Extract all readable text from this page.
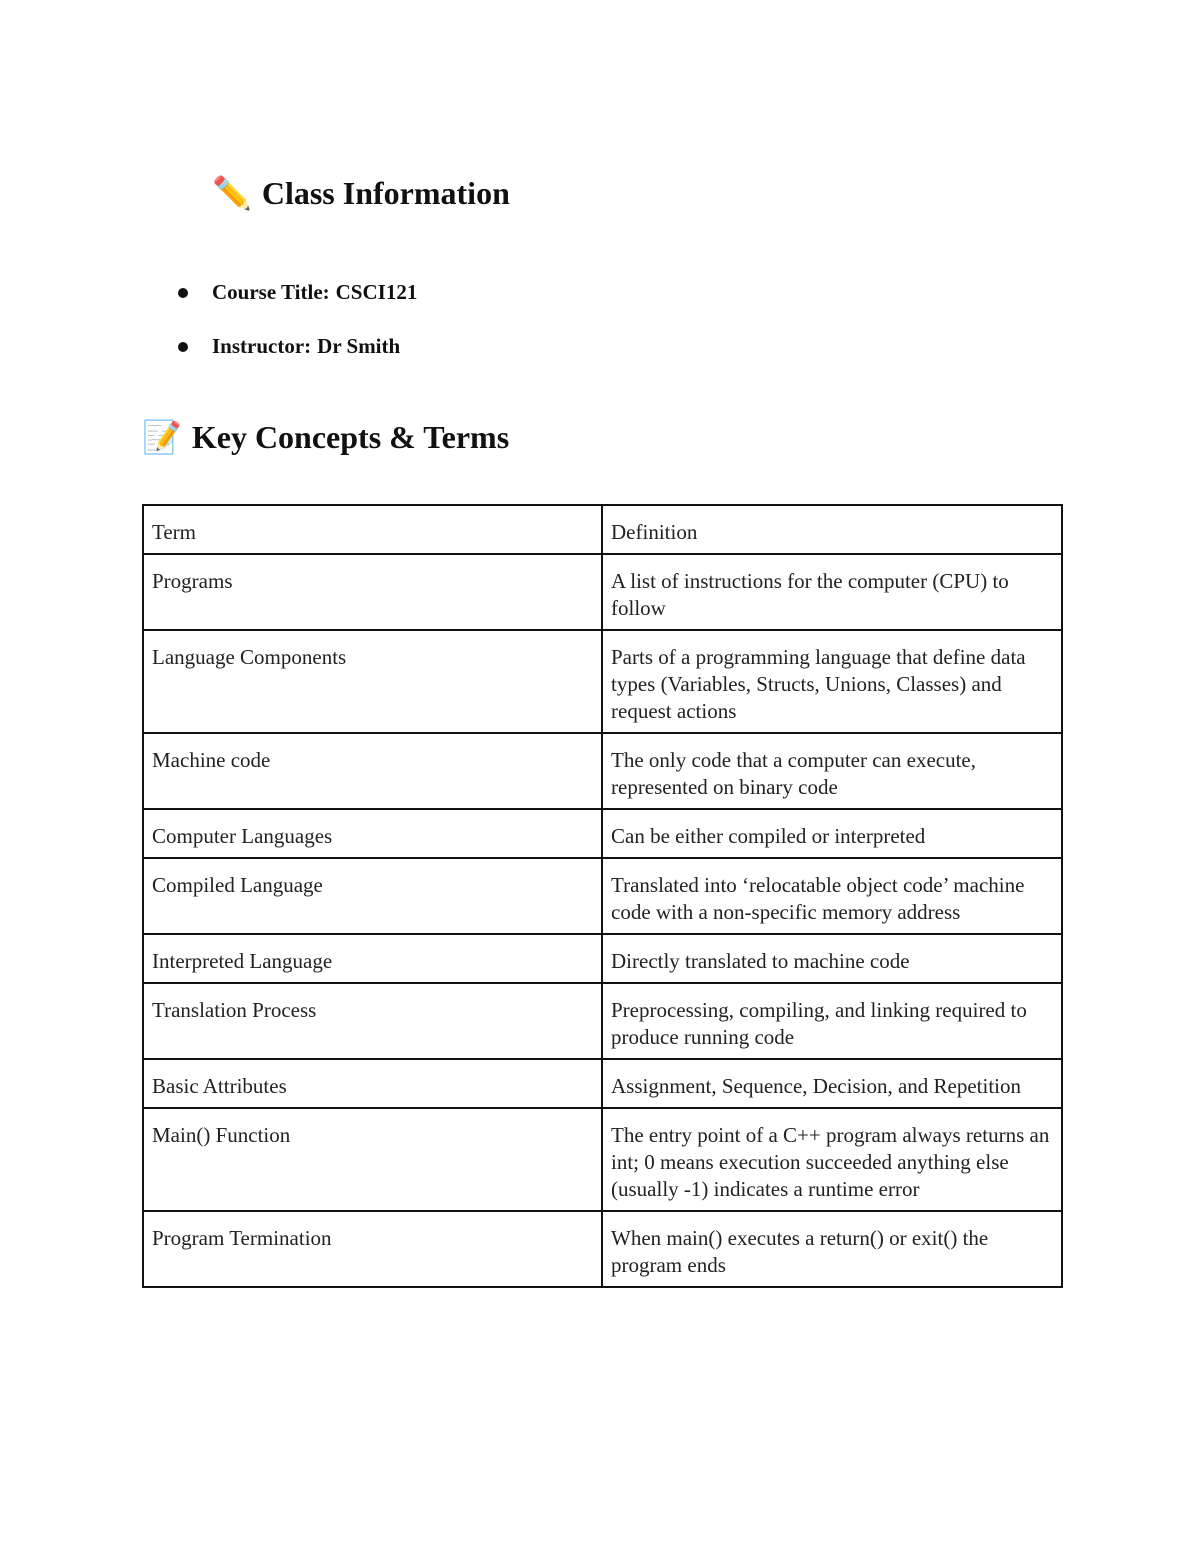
✏️ Class Information
Course Title: CSCI121
Instructor: Dr Smith
📝 Key Concepts & Terms
Term	Definition
Programs	A list of instructions for the computer (CPU) to follow
Language Components	Parts of a programming language that define data types (Variables, Structs, Unions, Classes) and request actions
Machine code	The only code that a computer can execute, represented on binary code
Computer Languages	Can be either compiled or interpreted
Compiled Language	Translated into ‘relocatable object code’ machine code with a non-specific memory address
Interpreted Language	Directly translated to machine code
Translation Process	Preprocessing, compiling, and linking required to produce running code
Basic Attributes	Assignment, Sequence, Decision, and Repetition
Main() Function	The entry point of a C++ program always returns an int; 0 means execution succeeded anything else (usually -1) indicates a runtime error
Program Termination	When main() executes a return() or exit() the program ends
